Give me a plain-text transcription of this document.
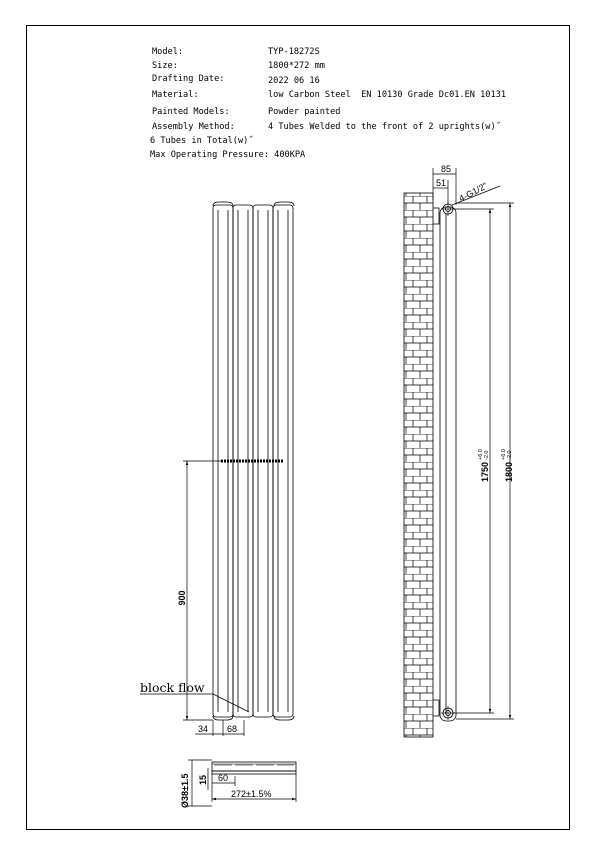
Model:	TYP-18272S
Size:	1800*272 mm
Drafting Date:	2022 06 16
Material:	low Carbon Steel  EN 10130 Grade Dc01.EN 10131
Painted Models:	Powder painted
Assembly Method:	4 Tubes Welded to the front of 2 uprights(w)˝
6 Tubes in Total(w)˝
Max Operating Pressure: 400KPA
900
block flow
34 68
85
51 4-G1/2"
1750
+6.0 -2.0
1800
+6.0 -2.0
Ø38±1.5 15 60
272±1.5%
